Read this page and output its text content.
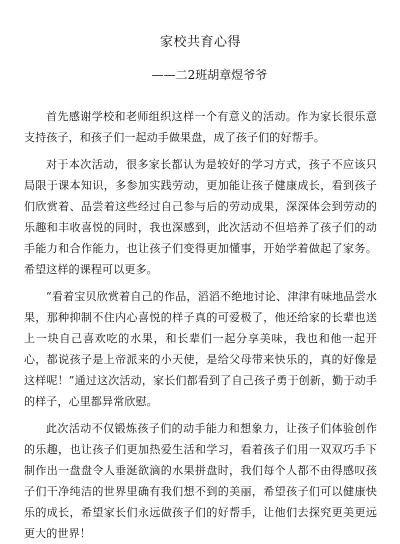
家校共育心得
——二2班胡章煜爷爷

首先感谢学校和老师组织这样一个有意义的活动。作为家长很乐意支持孩子，和孩子们一起动手做果盘，成了孩子们的好帮手。

对于本次活动，很多家长都认为是较好的学习方式，孩子不应该只局限于课本知识，多参加实践劳动，更加能让孩子健康成长，看到孩子们欣赏着、品尝着这些经过自己参与后的劳动成果，深深体会到劳动的乐趣和丰收喜悦的同时，我也深感到，此次活动不但培养了孩子们的动手能力和合作能力，也让孩子们变得更加懂事，开始学着做起了家务。希望这样的课程可以更多。

“看着宝贝欣赏着自己的作品，滔滔不绝地讨论、津津有味地品尝水果，那种抑制不住内心喜悦的样子真的可爱极了，他还给家的长辈也送上一块自己喜欢吃的水果，和长辈们一起分享美味，我也和他一起开心，都说孩子是上帝派来的小天使，是给父母带来快乐的，真的好像是这样呢！”通过这次活动，家长们都看到了自己孩子勇于创新，勤于动手的样子，心里都异常欣慰。

此次活动不仅锻炼孩子们的动手能力和想象力，让孩子们体验创作的乐趣，也让孩子们更加热爱生活和学习，看着孩子们用一双双巧手下制作出一盘盘令人垂涎欲滴的水果拼盘时，我们每个人都不由得感叹孩子们干净纯洁的世界里确有我们想不到的美丽，希望孩子们可以健康快乐的成长，希望家长们永远做孩子们的好帮手，让他们去探究更美更远更大的世界！
